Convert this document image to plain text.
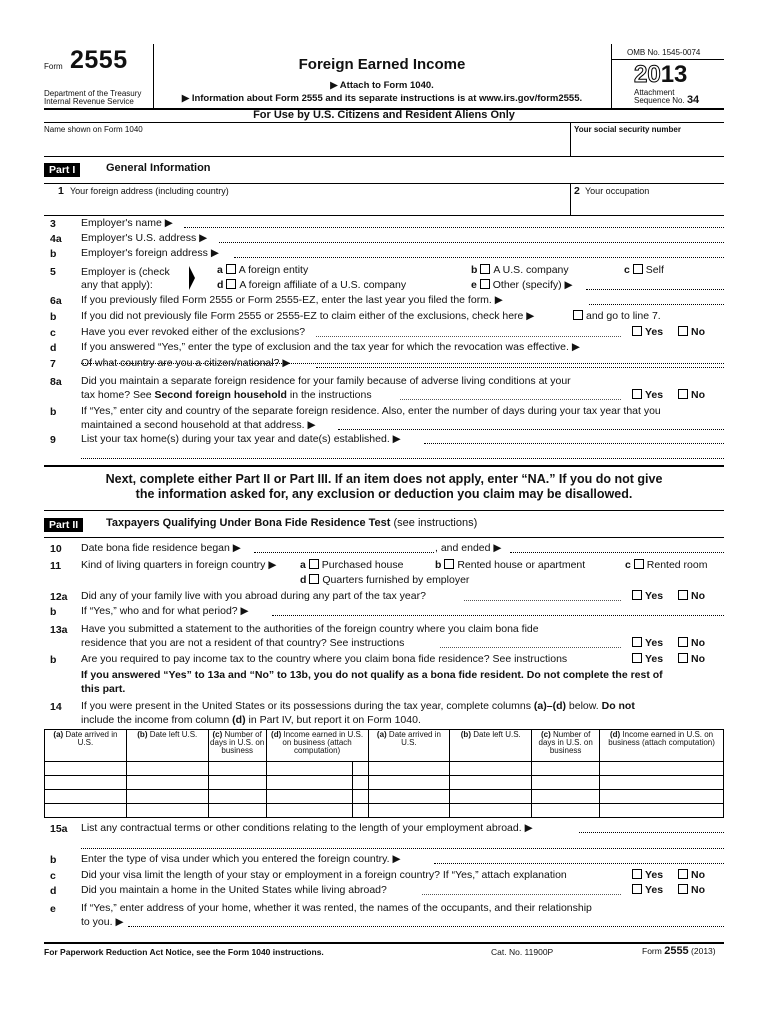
Form 2555
Department of the Treasury
Internal Revenue Service
Foreign Earned Income
▶ Attach to Form 1040.
▶ Information about Form 2555 and its separate instructions is at www.irs.gov/form2555.
OMB No. 1545-0074
2013
Attachment
Sequence No. 34
For Use by U.S. Citizens and Resident Aliens Only
Name shown on Form 1040	Your social security number
Part I	General Information
1 Your foreign address (including country)	2 Your occupation
3	Employer's name ▶
4a	Employer's U.S. address ▶
b	Employer's foreign address ▶
5	Employer is (check
any that apply):
a A foreign entity	b A U.S. company	c Self
d A foreign affiliate of a U.S. company	e Other (specify) ▶
6a	If you previously filed Form 2555 or Form 2555-EZ, enter the last year you filed the form. ▶
b	If you did not previously file Form 2555 or 2555-EZ to claim either of the exclusions, check here ▶	and go to line 7.
c	Have you ever revoked either of the exclusions?	Yes	No
d	If you answered “Yes,” enter the type of exclusion and the tax year for which the revocation was effective. ▶
7	Of what country are you a citizen/national? ▶
8a	Did you maintain a separate foreign residence for your family because of adverse living conditions at your
tax home? See Second foreign household in the instructions	Yes	No
b	If “Yes,” enter city and country of the separate foreign residence. Also, enter the number of days during your tax year that you
maintained a second household at that address. ▶
9	List your tax home(s) during your tax year and date(s) established. ▶
Next, complete either Part II or Part III. If an item does not apply, enter “NA.” If you do not give
the information asked for, any exclusion or deduction you claim may be disallowed.
Part II	Taxpayers Qualifying Under Bona Fide Residence Test (see instructions)
10	Date bona fide residence began ▶	, and ended ▶
11	Kind of living quarters in foreign country ▶ a Purchased house	b Rented house or apartment	c Rented room
d Quarters furnished by employer
12a Did any of your family live with you abroad during any part of the tax year?	Yes	No
b	If “Yes,” who and for what period? ▶
13a Have you submitted a statement to the authorities of the foreign country where you claim bona fide
residence that you are not a resident of that country? See instructions	Yes	No
b	Are you required to pay income tax to the country where you claim bona fide residence? See instructions	Yes	No
If you answered “Yes” to 13a and “No” to 13b, you do not qualify as a bona fide resident. Do not complete the rest of
this part.
14	If you were present in the United States or its possessions during the tax year, complete columns (a)–(d) below. Do not
include the income from column (d) in Part IV, but report it on Form 1040.
(a) Date arrived in U.S.	(b) Date left U.S.	(c) Number of days in U.S. on business	(d) Income earned in U.S. on business (attach computation)		(a) Date arrived in U.S.	(b) Date left U.S.	(c) Number of days in U.S. on business	(d) Income earned in U.S. on business (attach computation)

15a List any contractual terms or other conditions relating to the length of your employment abroad. ▶
b	Enter the type of visa under which you entered the foreign country. ▶
c	Did your visa limit the length of your stay or employment in a foreign country? If “Yes,” attach explanation	Yes	No
d	Did you maintain a home in the United States while living abroad?	Yes	No
e	If “Yes,” enter address of your home, whether it was rented, the names of the occupants, and their relationship
to you. ▶
For Paperwork Reduction Act Notice, see the Form 1040 instructions.	Cat. No. 11900P	Form 2555 (2013)
